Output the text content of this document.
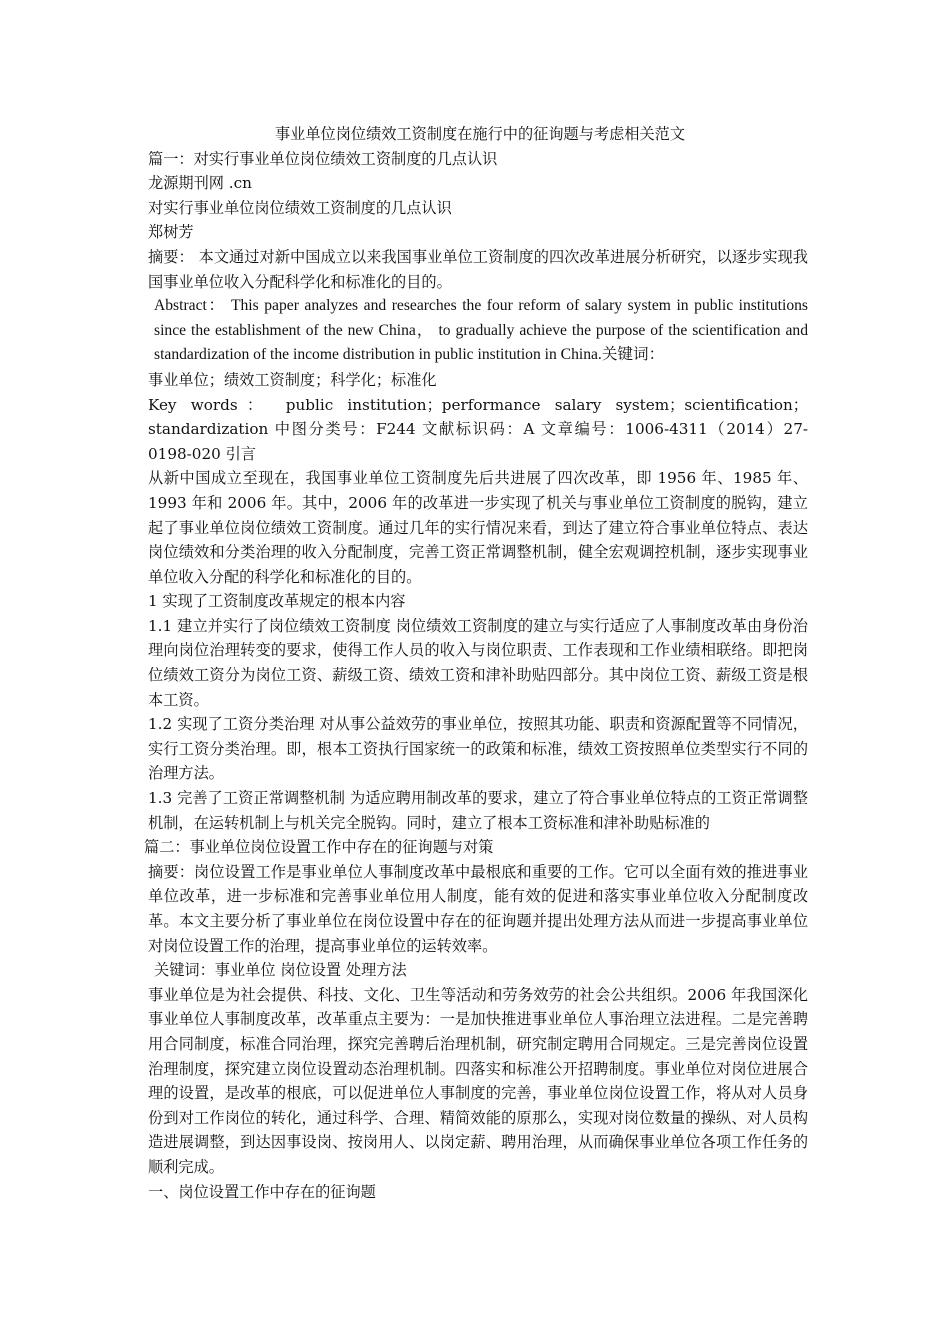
事业单位岗位绩效工资制度在施行中的征询题与考虑相关范文

篇一：对实行事业单位岗位绩效工资制度的几点认识

龙源期刊网 .cn

对实行事业单位岗位绩效工资制度的几点认识

郑树芳

摘要： 本文通过对新中国成立以来我国事业单位工资制度的四次改革进展分析研究，以逐步实现我国事业单位收入分配科学化和标准化的目的。

Abstract： This paper analyzes and researches the four reform of salary system in public institutions since the establishment of the new China， to gradually achieve the purpose of the scientification and standardization of the income distribution in public institution in China.关键词：

事业单位；绩效工资制度；科学化；标准化

Key words： public institution；performance salary system；scientification；standardization 中图分类号：F244 文献标识码：A 文章编号：1006-4311（2014）27-0198-020 引言

从新中国成立至现在，我国事业单位工资制度先后共进展了四次改革，即 1956 年、1985 年、1993 年和 2006 年。其中，2006 年的改革进一步实现了机关与事业单位工资制度的脱钩，建立起了事业单位岗位绩效工资制度。通过几年的实行情况来看，到达了建立符合事业单位特点、表达岗位绩效和分类治理的收入分配制度，完善工资正常调整机制，健全宏观调控机制，逐步实现事业单位收入分配的科学化和标准化的目的。

1 实现了工资制度改革规定的根本内容

1.1 建立并实行了岗位绩效工资制度 岗位绩效工资制度的建立与实行适应了人事制度改革由身份治理向岗位治理转变的要求，使得工作人员的收入与岗位职责、工作表现和工作业绩相联络。即把岗位绩效工资分为岗位工资、薪级工资、绩效工资和津补助贴四部分。其中岗位工资、薪级工资是根本工资。

1.2 实现了工资分类治理 对从事公益效劳的事业单位，按照其功能、职责和资源配置等不同情况，实行工资分类治理。即，根本工资执行国家统一的政策和标准，绩效工资按照单位类型实行不同的治理方法。

1.3 完善了工资正常调整机制 为适应聘用制改革的要求，建立了符合事业单位特点的工资正常调整机制，在运转机制上与机关完全脱钩。同时，建立了根本工资标准和津补助贴标准的

篇二：事业单位岗位设置工作中存在的征询题与对策

摘要：岗位设置工作是事业单位人事制度改革中最根底和重要的工作。它可以全面有效的推进事业单位改革，进一步标准和完善事业单位用人制度，能有效的促进和落实事业单位收入分配制度改革。本文主要分析了事业单位在岗位设置中存在的征询题并提出处理方法从而进一步提高事业单位对岗位设置工作的治理，提高事业单位的运转效率。

关键词：事业单位 岗位设置 处理方法

事业单位是为社会提供、科技、文化、卫生等活动和劳务效劳的社会公共组织。2006 年我国深化事业单位人事制度改革，改革重点主要为：一是加快推进事业单位人事治理立法进程。二是完善聘用合同制度，标准合同治理，探究完善聘后治理机制，研究制定聘用合同规定。三是完善岗位设置治理制度，探究建立岗位设置动态治理机制。四落实和标准公开招聘制度。事业单位对岗位进展合理的设置，是改革的根底，可以促进单位人事制度的完善，事业单位岗位设置工作，将从对人员身份到对工作岗位的转化，通过科学、合理、精简效能的原那么，实现对岗位数量的操纵、对人员构造进展调整，到达因事设岗、按岗用人、以岗定薪、聘用治理，从而确保事业单位各项工作任务的顺利完成。

一、岗位设置工作中存在的征询题
